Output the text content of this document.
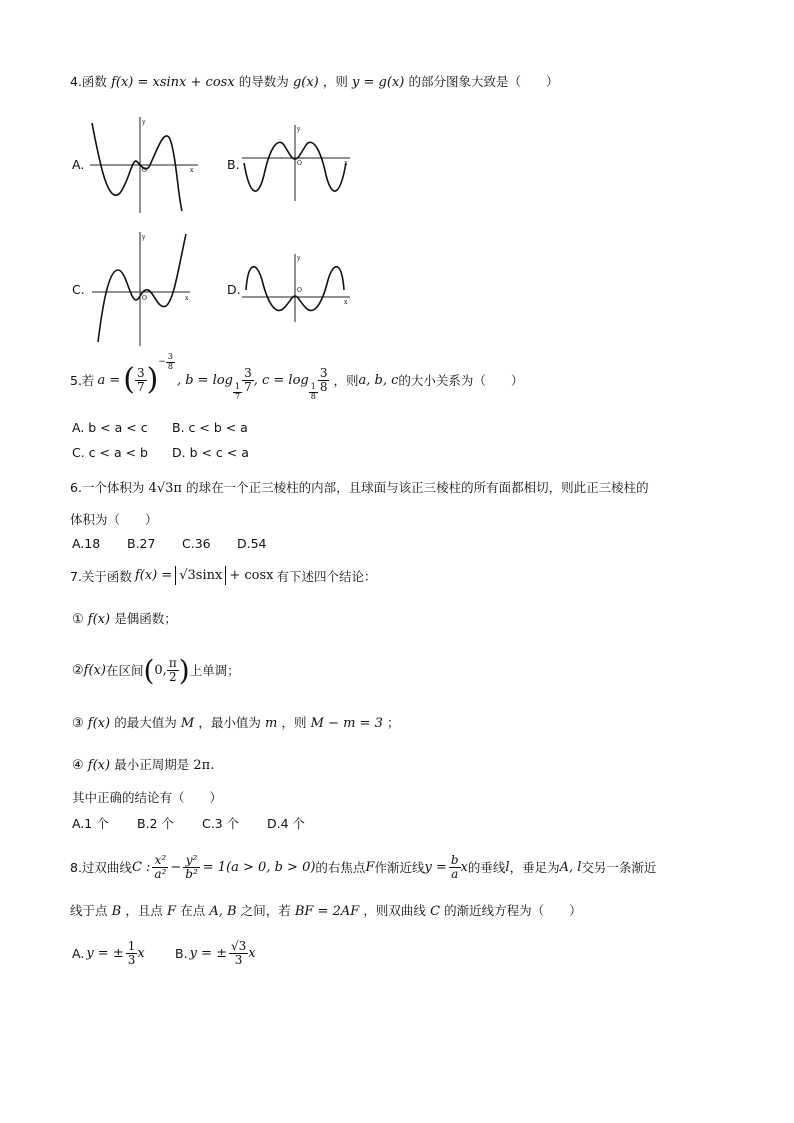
4.函数 f(x) = xsinx + cosx 的导数为 g(x) ，则 y = g(x) 的部分图象大致是（　　）
A.
y
x
O	B.
y
x
O
C.
y
x
O
D.
y
x
O
5.若 a = ( $\frac{3}{7}$ ) − $\frac{3}{8}$
, b = log
$\frac{1}{7} \frac{3}{7}$ , c = log
$\frac{1}{8} \frac{3}{8}$ ，则 a, b, c 的大小关系为（　　）
A. b < a < c B. c < b < a
C. c < a < b D. b < c < a
6.一个体积为 4√3π 的球在一个正三棱柱的内部，且球面与该正三棱柱的所有面都相切，则此正三棱柱的
体积为（　　）
A.18 B.27 C.36 D.54
7.关于函数 f(x) = √3sinx + cosx 有下述四个结论：
① f(x) 是偶函数；
② f(x) 在区间 ( 0, $\frac{\pi}{2}$ ) 上单调；
③ f(x) 的最大值为 M ，最小值为 m ，则 M − m = 3 ；
④ f(x) 最小正周期是 2π.
其中正确的结论有（　　）
A.1 个 B.2 个 C.3 个 D.4 个
8.过双曲线 C : $\frac{\text{x²}}{\text{a²}} - \frac{\text{y²}}{\text{b²}} = 1(a > 0$, b > 0) 的右焦点 F 作渐近线 $y = \frac{b}{a}$ x 的垂线 l ，垂足为 A, l 交另一条渐近
线于点 B ，且点 F 在点 A, B 之间，若 BF = 2AF ，则双曲线 C 的渐近线方程为（　　）
A. y = ± $\frac{1}{3}$ x B. y = ± $\frac{√3}{3}$ x
